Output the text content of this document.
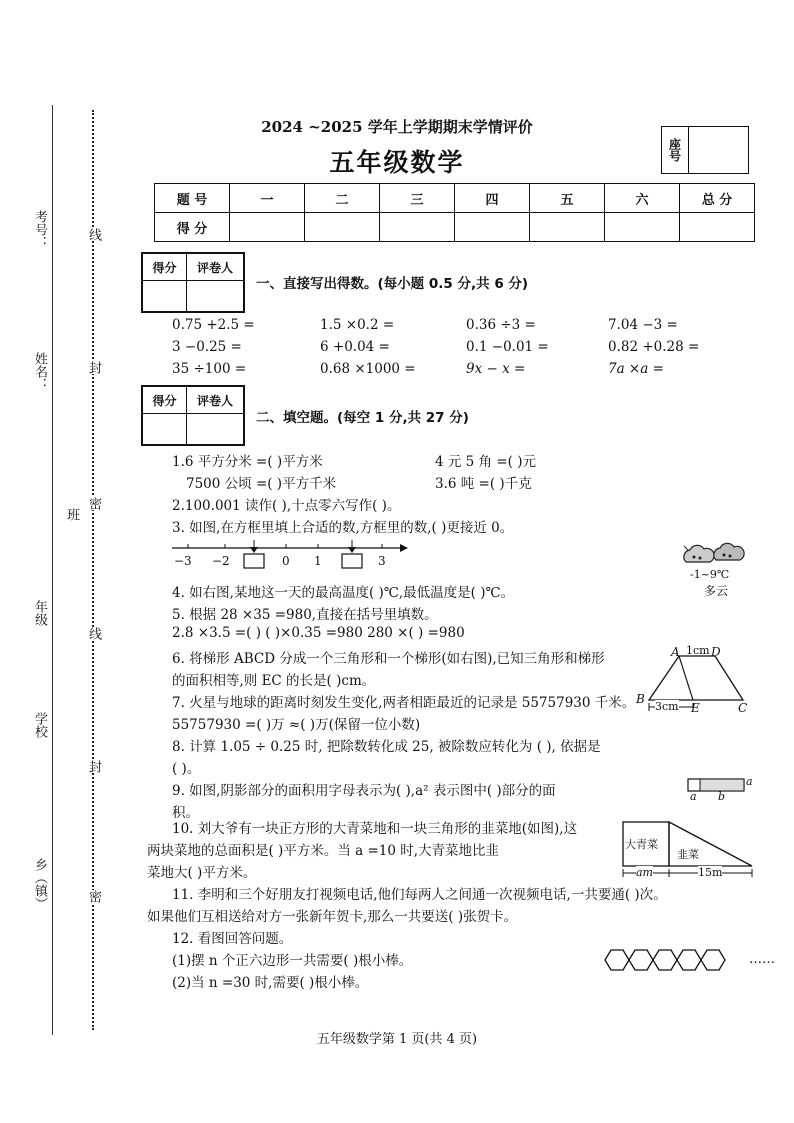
考号：
姓名：
班
年级
学校
乡（镇）
线
封
密
线
封
密
2024 ~2025 学年上学期期末学情评价
五年级数学	座号
题 号	一	二	三	四	五	六	总 分
得 分							
得分	评卷人
一、直接写出得数。(每小题 0.5 分,共 6 分)
0.75 +2.5 =	1.5 ×0.2 =	0.36 ÷3 =	7.04 −3 =
3 −0.25 =	6 +0.04 =	0.1 −0.01 =	0.82 +0.28 =
35 ÷100 =	0.68 ×1000 =	9x − x =	7a ×a =
得分	评卷人
二、填空题。(每空 1 分,共 27 分)
1.6 平方分米 =( )平方米	4 元 5 角 =( )元
7500 公顷 =( )平方千米	3.6 吨 =( )千克
2.100.001 读作( ),十点零六写作( )。
3. 如图,在方框里填上合适的数,方框里的数,( )更接近 0。
−3 −2	0 1	3
-1~9℃
多云
4. 如右图,某地这一天的最高温度( )℃,最低温度是( )℃。
5. 根据 28 ×35 =980,直接在括号里填数。
2.8 ×3.5 =( ) ( )×0.35 =980 280 ×( ) =980
6. 将梯形 ABCD 分成一个三角形和一个梯形(如右图),已知三角形和梯形
的面积相等,则 EC 的长是( )cm。
A 1cm D
B
E	C
3cm
7. 火星与地球的距离时刻发生变化,两者相距最近的记录是 55757930 千米。
55757930 =( )万 ≈( )万(保留一位小数)
8. 计算 1.05 ÷ 0.25 时, 把除数转化成 25, 被除数应转化为 ( ), 依据是
( )。
9. 如图,阴影部分的面积用字母表示为( ),a² 表示图中( )部分的面
积。
a
a b
10. 刘大爷有一块正方形的大青菜地和一块三角形的韭菜地(如图),这
两块菜地的总面积是( )平方米。当 a =10 时,大青菜地比韭
菜地大( )平方米。
大青菜
韭菜
am	15m
11. 李明和三个好朋友打视频电话,他们每两人之间通一次视频电话,一共要通( )次。
如果他们互相送给对方一张新年贺卡,那么一共要送( )张贺卡。
12. 看图回答问题。
(1)摆 n 个正六边形一共需要( )根小棒。
(2)当 n =30 时,需要( )根小棒。
……
五年级数学第 1 页(共 4 页)
